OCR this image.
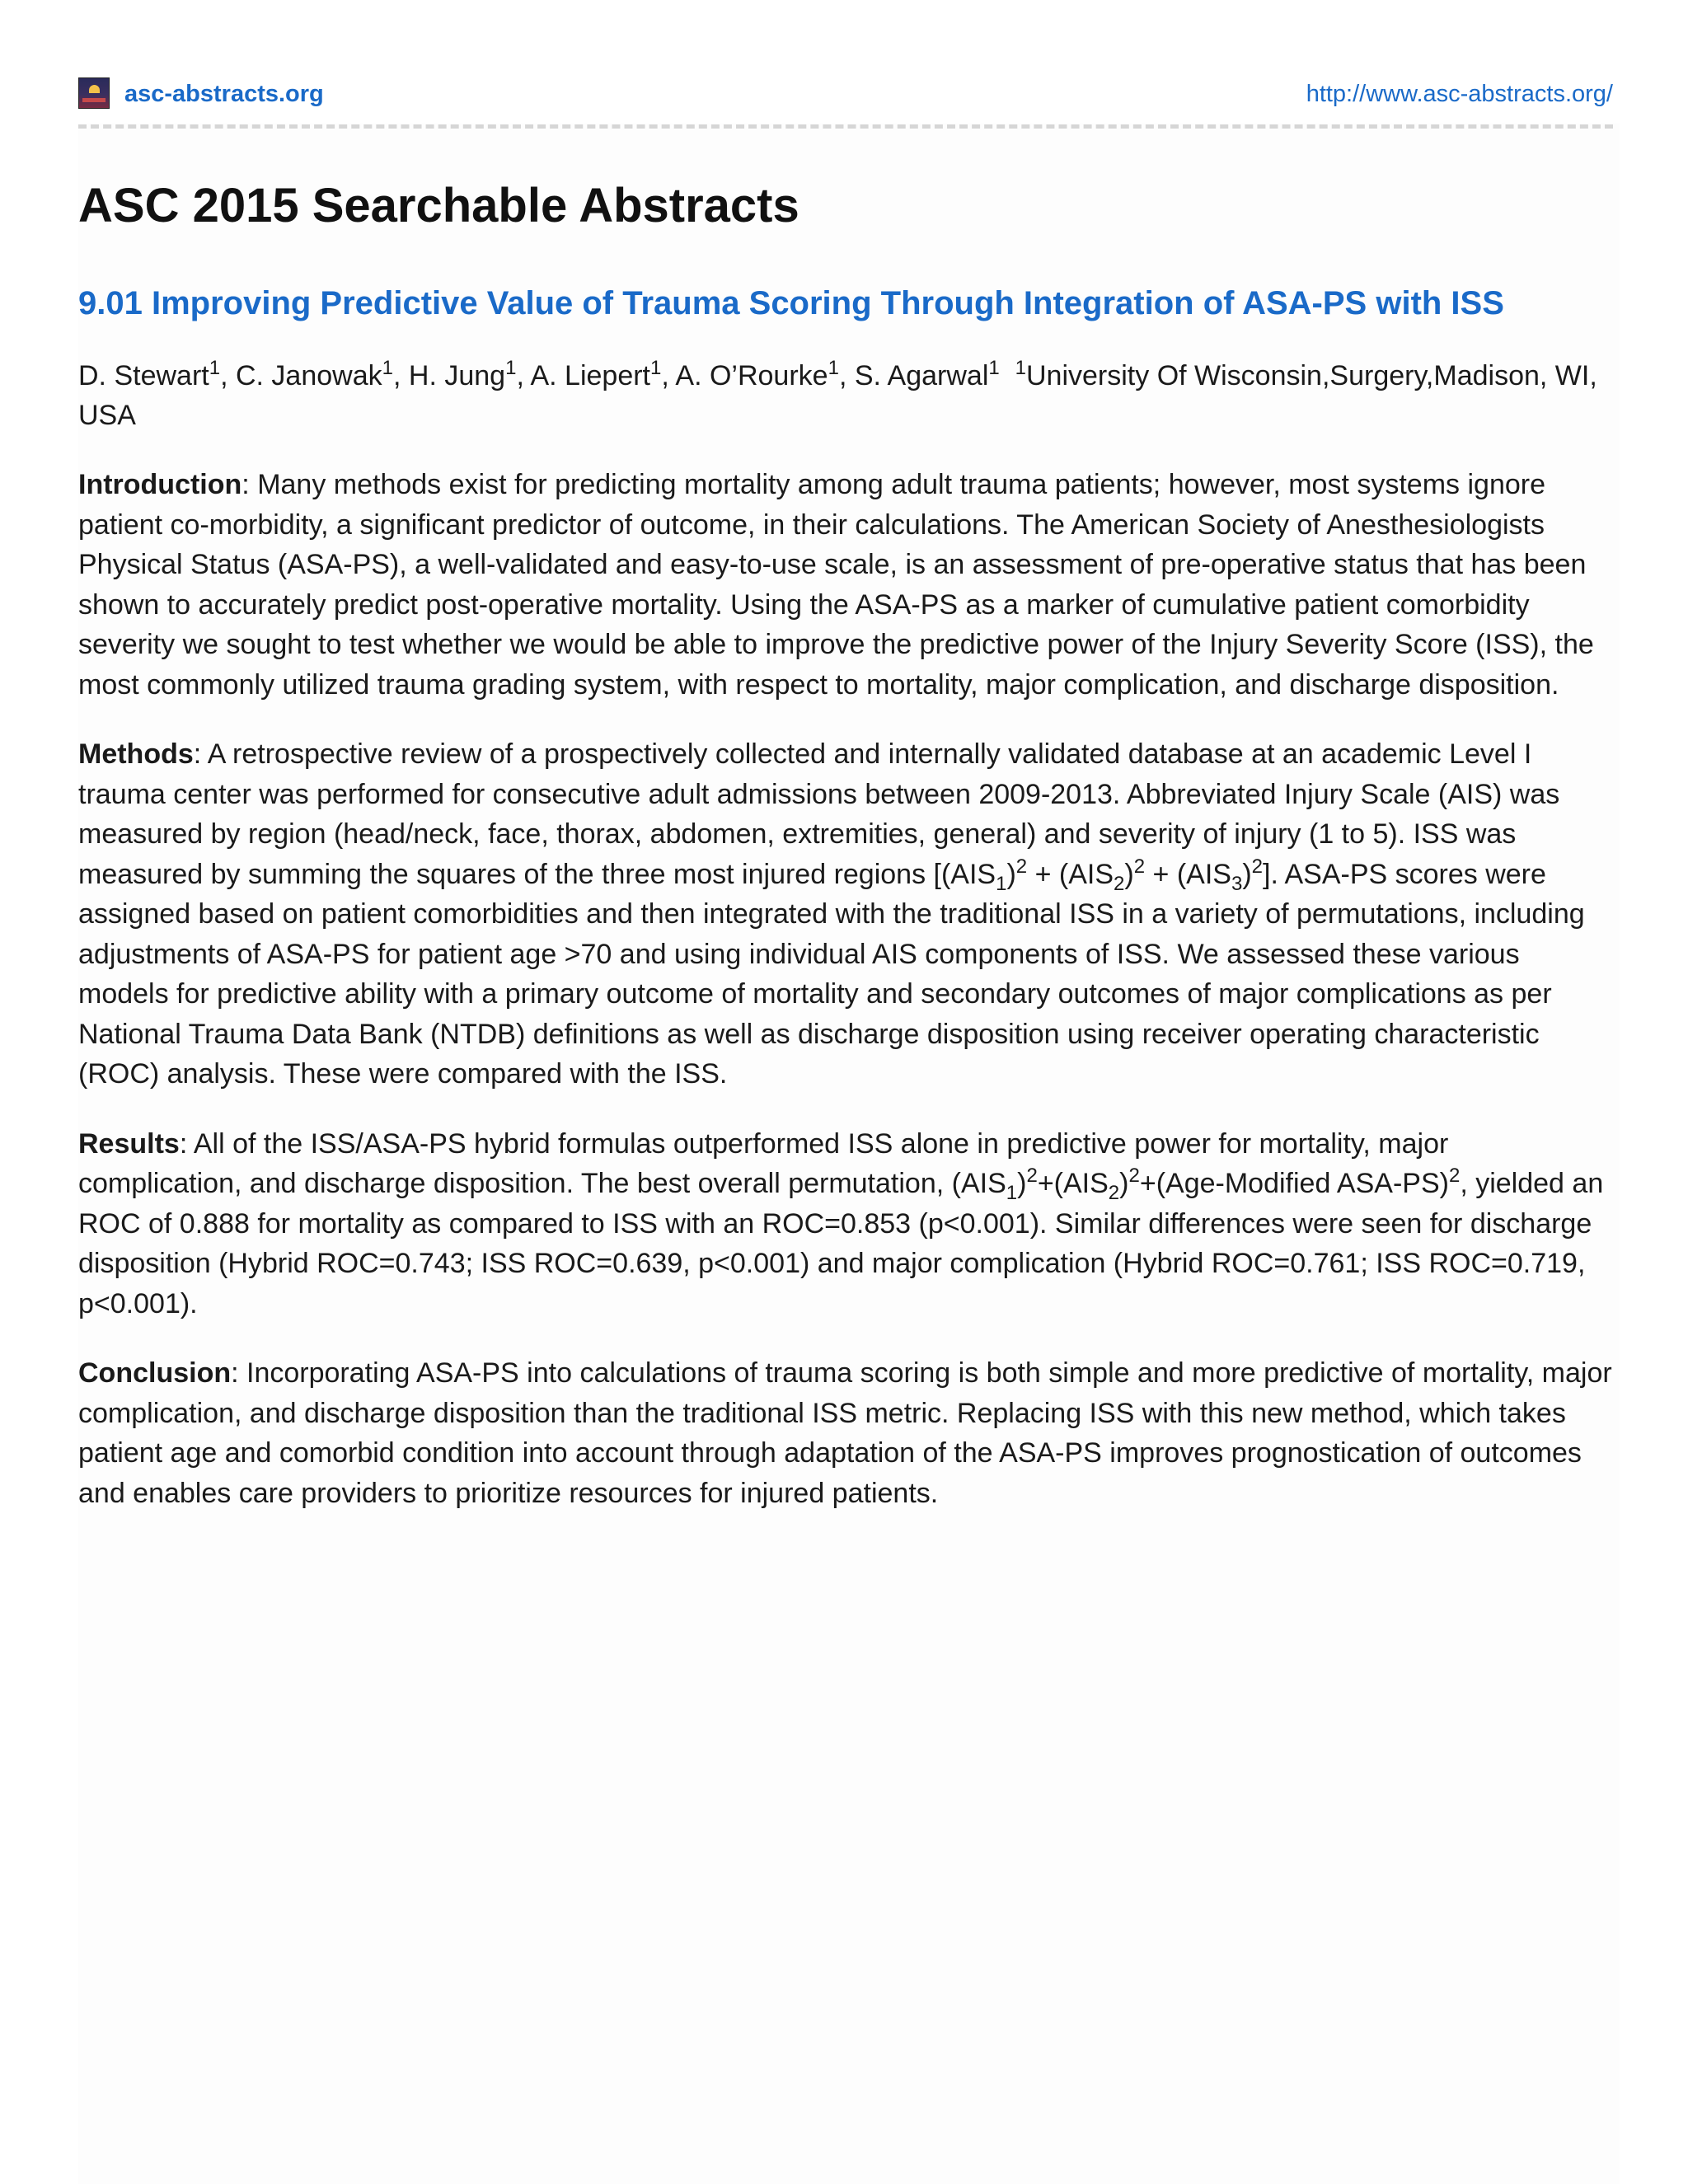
asc-abstracts.org	http://www.asc-abstracts.org/
ASC 2015 Searchable Abstracts
9.01 Improving Predictive Value of Trauma Scoring Through Integration of ASA-PS with ISS

D. Stewart$^1$, C. Janowak$^1$, H. Jung$^1$, A. Liepert$^1$, A. O’Rourke$^1$, S. Agarwal$^1$ $^1$University Of Wisconsin,Surgery,Madison, WI, USA

Introduction: Many methods exist for predicting mortality among adult trauma patients; however, most systems ignore patient co-morbidity, a significant predictor of outcome, in their calculations. The American Society of Anesthesiologists Physical Status (ASA-PS), a well-validated and easy-to-use scale, is an assessment of pre-operative status that has been shown to accurately predict post-operative mortality. Using the ASA-PS as a marker of cumulative patient comorbidity severity we sought to test whether we would be able to improve the predictive power of the Injury Severity Score (ISS), the most commonly utilized trauma grading system, with respect to mortality, major complication, and discharge disposition.

Methods: A retrospective review of a prospectively collected and internally validated database at an academic Level I trauma center was performed for consecutive adult admissions between 2009-2013. Abbreviated Injury Scale (AIS) was measured by region (head/neck, face, thorax, abdomen, extremities, general) and severity of injury (1 to 5). ISS was measured by summing the squares of the three most injured regions $[(AIS_1)^2 + (AIS_2)^2 + (AIS_3)^2]$. ASA-PS scores were assigned based on patient comorbidities and then integrated with the traditional ISS in a variety of permutations, including adjustments of ASA-PS for patient age >70 and using individual AIS components of ISS. We assessed these various models for predictive ability with a primary outcome of mortality and secondary outcomes of major complications as per National Trauma Data Bank (NTDB) definitions as well as discharge disposition using receiver operating characteristic (ROC) analysis. These were compared with the ISS.

Results: All of the ISS/ASA-PS hybrid formulas outperformed ISS alone in predictive power for mortality, major complication, and discharge disposition. The best overall permutation, $(AIS_1)^2+(AIS_2)^2+(Age$-Modified ASA-PS)$^2$, yielded an ROC of 0.888 for mortality as compared to ISS with an ROC=0.853 (p<0.001). Similar differences were seen for discharge disposition (Hybrid ROC=0.743; ISS ROC=0.639, p<0.001) and major complication (Hybrid ROC=0.761; ISS ROC=0.719, p<0.001).

Conclusion: Incorporating ASA-PS into calculations of trauma scoring is both simple and more predictive of mortality, major complication, and discharge disposition than the traditional ISS metric. Replacing ISS with this new method, which takes patient age and comorbid condition into account through adaptation of the ASA-PS improves prognostication of outcomes and enables care providers to prioritize resources for injured patients.
